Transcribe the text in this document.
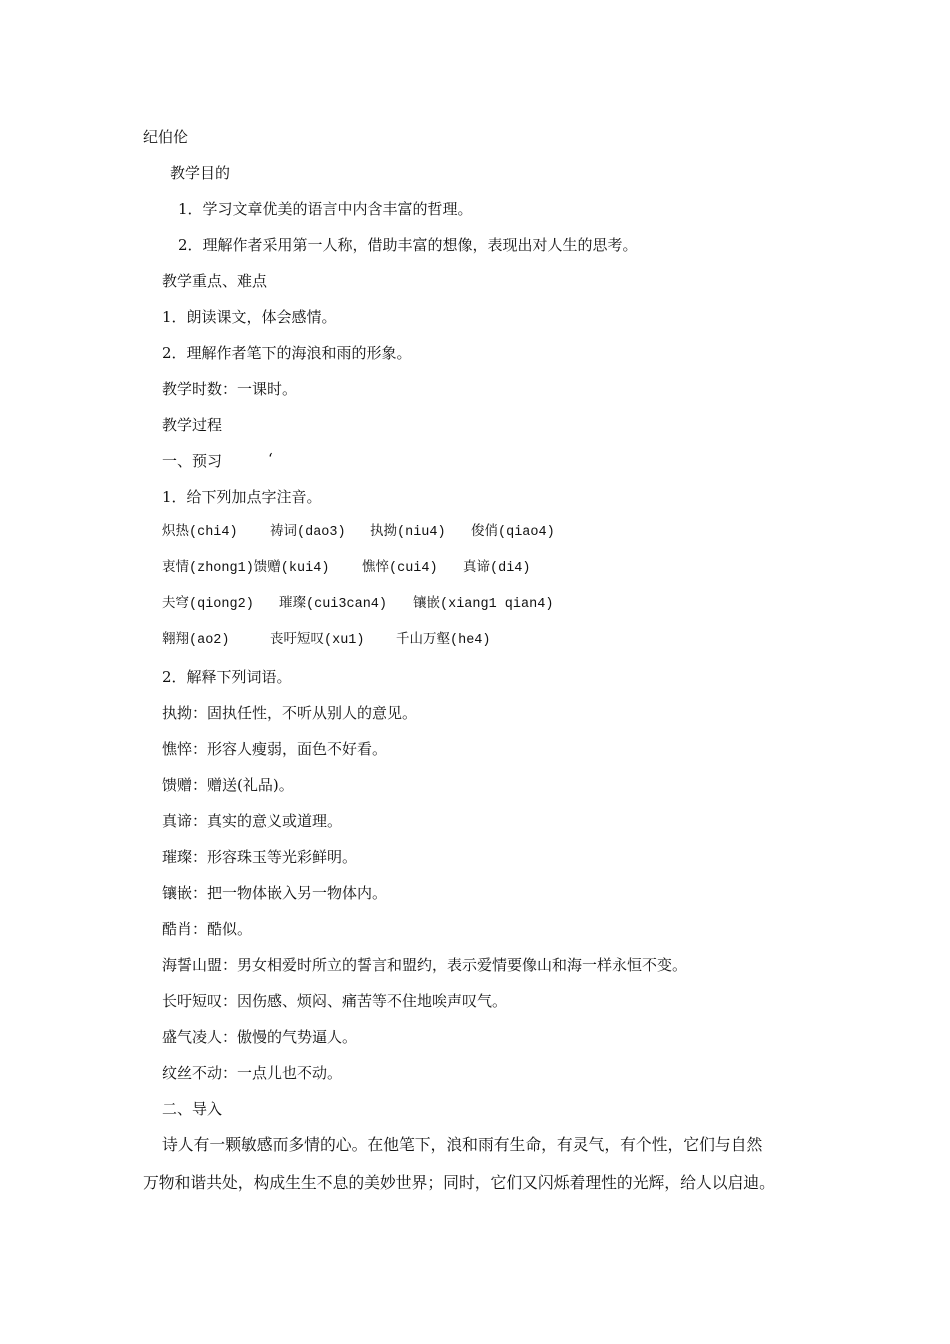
纪伯伦
教学目的
1．学习文章优美的语言中内含丰富的哲理。
2．理解作者采用第一人称，借助丰富的想像，表现出对人生的思考。
教学重点、难点
1．朗读课文，体会感情。
2．理解作者笔下的海浪和雨的形象。
教学时数：一课时。
教学过程
一、预习	‘
1．给下列加点字注音。
炽热(chi4) 祷词(dao3) 执拗(niu4) 俊俏(qiao4)
衷情(zhong1)馈赠(kui4) 憔悴(cui4) 真谛(di4)
夫穹(qiong2) 璀璨(cui3can4) 镶嵌(xiang1 qian4)
翱翔(ao2)	丧吁短叹(xu1) 千山万壑(he4)
2．解释下列词语。
执拗：固执任性，不听从别人的意见。
憔悴：形容人瘦弱，面色不好看。
馈赠：赠送(礼品)。
真谛：真实的意义或道理。
璀璨：形容珠玉等光彩鲜明。
镶嵌：把一物体嵌入另一物体内。
酷肖：酷似。
海誓山盟：男女相爱时所立的誓言和盟约，表示爱情要像山和海一样永恒不变。
长吁短叹：因伤感、烦闷、痛苦等不住地唉声叹气。
盛气凌人：傲慢的气势逼人。
纹丝不动：一点儿也不动。
二、导入
诗人有一颗敏感而多情的心。在他笔下，浪和雨有生命，有灵气，有个性，它们与自然
万物和谐共处，构成生生不息的美妙世界；同时，它们又闪烁着理性的光辉，给人以启迪。
